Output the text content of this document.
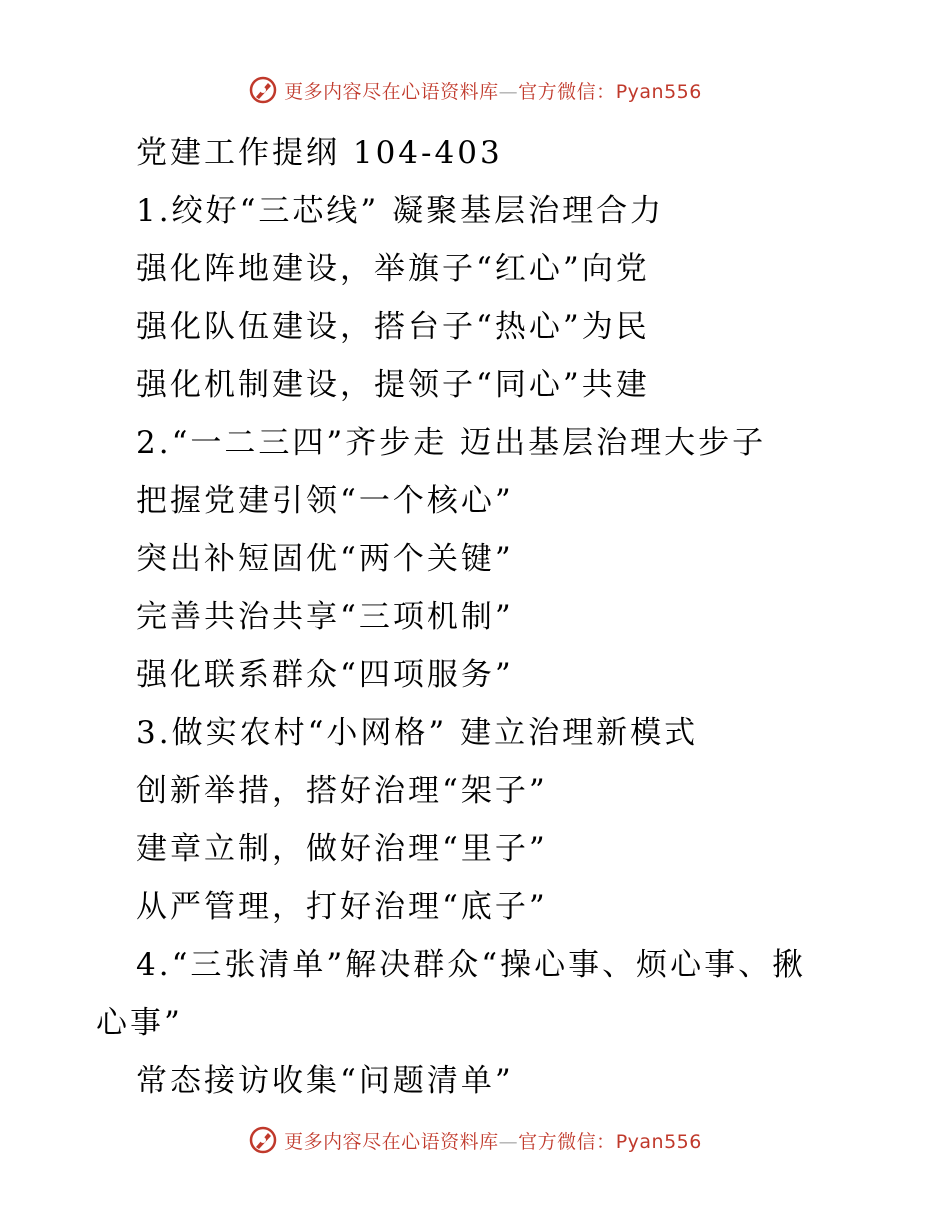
更多内容尽在心语资料库—官方微信：Pyan556
党建工作提纲 104-403
1.绞好“三芯线” 凝聚基层治理合力
强化阵地建设，举旗子“红心”向党
强化队伍建设，搭台子“热心”为民
强化机制建设，提领子“同心”共建
2.“一二三四”齐步走 迈出基层治理大步子
把握党建引领“一个核心”
突出补短固优“两个关键”
完善共治共享“三项机制”
强化联系群众“四项服务”
3.做实农村“小网格” 建立治理新模式
创新举措，搭好治理“架子”
建章立制，做好治理“里子”
从严管理，打好治理“底子”
4.“三张清单”解决群众“操心事、烦心事、揪
心事”
常态接访收集“问题清单”
更多内容尽在心语资料库—官方微信：Pyan556
